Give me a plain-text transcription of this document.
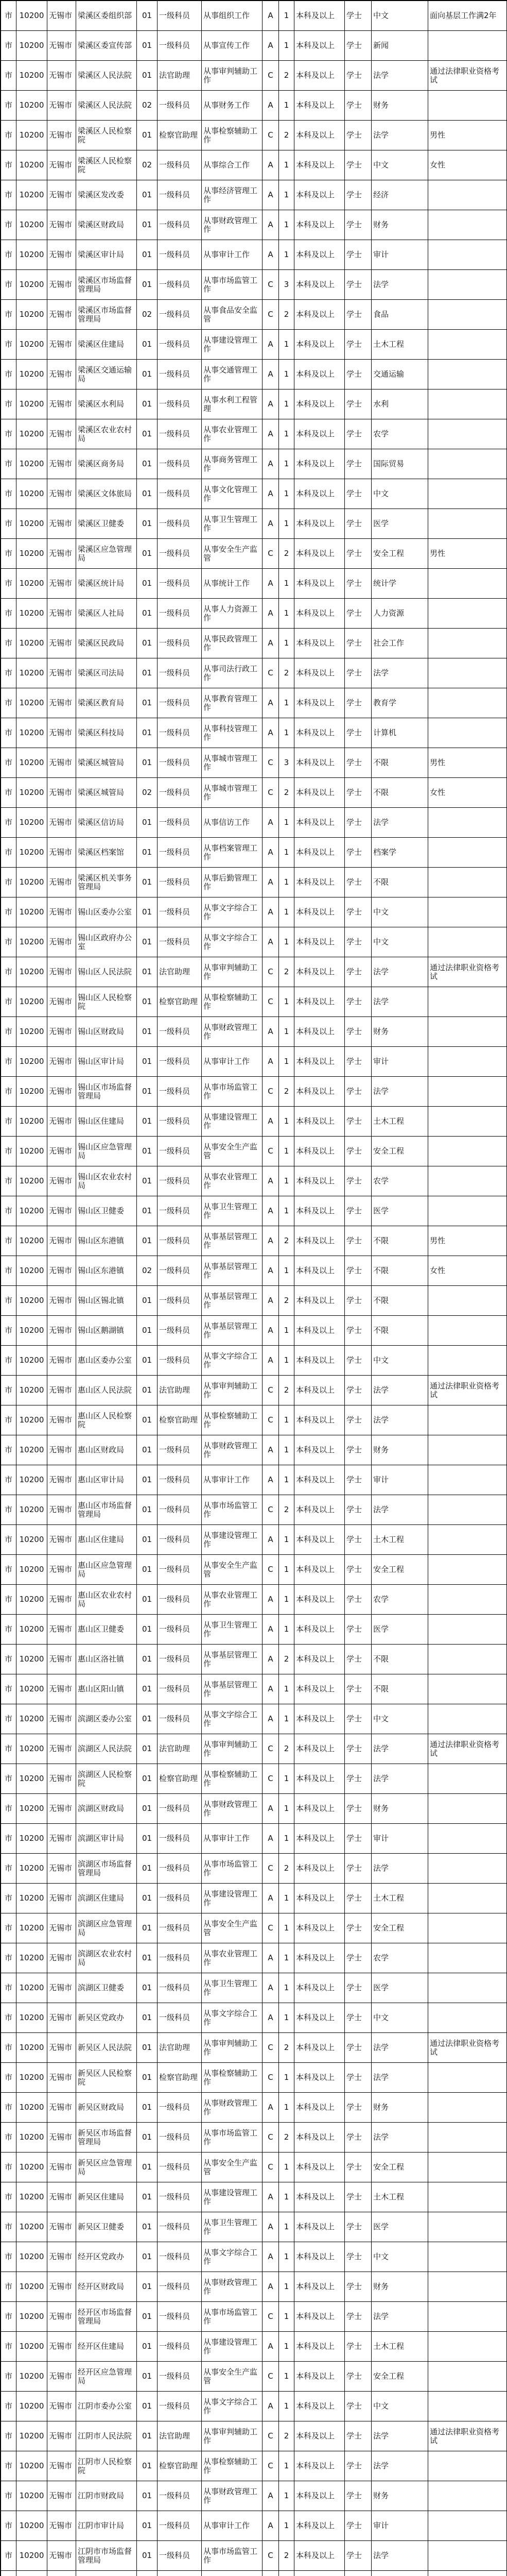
市	10200	无锡市	梁溪区委组织部	01	一级科员	从事组织工作	A	1	本科及以上	学士	中文	面向基层工作满2年
市	10200	无锡市	梁溪区委宣传部	01	一级科员	从事宣传工作	A	1	本科及以上	学士	新闻	
市	10200	无锡市	梁溪区人民法院	01	法官助理	从事审判辅助工作	C	2	本科及以上	学士	法学	通过法律职业资格考试
市	10200	无锡市	梁溪区人民法院	02	一级科员	从事财务工作	A	1	本科及以上	学士	财务	
市	10200	无锡市	梁溪区人民检察院	01	检察官助理	从事检察辅助工作	C	2	本科及以上	学士	法学	男性
市	10200	无锡市	梁溪区人民检察院	02	一级科员	从事综合工作	A	1	本科及以上	学士	中文	女性
市	10200	无锡市	梁溪区发改委	01	一级科员	从事经济管理工作	A	1	本科及以上	学士	经济	
市	10200	无锡市	梁溪区财政局	01	一级科员	从事财政管理工作	A	1	本科及以上	学士	财务	
市	10200	无锡市	梁溪区审计局	01	一级科员	从事审计工作	A	1	本科及以上	学士	审计	
市	10200	无锡市	梁溪区市场监督管理局	01	一级科员	从事市场监管工作	C	3	本科及以上	学士	法学	
市	10200	无锡市	梁溪区市场监督管理局	02	一级科员	从事食品安全监管	C	2	本科及以上	学士	食品	
市	10200	无锡市	梁溪区住建局	01	一级科员	从事建设管理工作	A	1	本科及以上	学士	土木工程	
市	10200	无锡市	梁溪区交通运输局	01	一级科员	从事交通管理工作	A	1	本科及以上	学士	交通运输	
市	10200	无锡市	梁溪区水利局	01	一级科员	从事水利工程管理	A	1	本科及以上	学士	水利	
市	10200	无锡市	梁溪区农业农村局	01	一级科员	从事农业管理工作	A	1	本科及以上	学士	农学	
市	10200	无锡市	梁溪区商务局	01	一级科员	从事商务管理工作	A	1	本科及以上	学士	国际贸易	
市	10200	无锡市	梁溪区文体旅局	01	一级科员	从事文化管理工作	A	1	本科及以上	学士	中文	
市	10200	无锡市	梁溪区卫健委	01	一级科员	从事卫生管理工作	A	1	本科及以上	学士	医学	
市	10200	无锡市	梁溪区应急管理局	01	一级科员	从事安全生产监管	C	2	本科及以上	学士	安全工程	男性
市	10200	无锡市	梁溪区统计局	01	一级科员	从事统计工作	A	1	本科及以上	学士	统计学	
市	10200	无锡市	梁溪区人社局	01	一级科员	从事人力资源工作	A	1	本科及以上	学士	人力资源	
市	10200	无锡市	梁溪区民政局	01	一级科员	从事民政管理工作	A	1	本科及以上	学士	社会工作	
市	10200	无锡市	梁溪区司法局	01	一级科员	从事司法行政工作	C	2	本科及以上	学士	法学	
市	10200	无锡市	梁溪区教育局	01	一级科员	从事教育管理工作	A	1	本科及以上	学士	教育学	
市	10200	无锡市	梁溪区科技局	01	一级科员	从事科技管理工作	A	1	本科及以上	学士	计算机	
市	10200	无锡市	梁溪区城管局	01	一级科员	从事城市管理工作	C	3	本科及以上	学士	不限	男性
市	10200	无锡市	梁溪区城管局	02	一级科员	从事城市管理工作	C	2	本科及以上	学士	不限	女性
市	10200	无锡市	梁溪区信访局	01	一级科员	从事信访工作	A	1	本科及以上	学士	法学	
市	10200	无锡市	梁溪区档案馆	01	一级科员	从事档案管理工作	A	1	本科及以上	学士	档案学	
市	10200	无锡市	梁溪区机关事务管理局	01	一级科员	从事后勤管理工作	A	1	本科及以上	学士	不限	
市	10200	无锡市	锡山区委办公室	01	一级科员	从事文字综合工作	A	1	本科及以上	学士	中文	
市	10200	无锡市	锡山区政府办公室	01	一级科员	从事文字综合工作	A	1	本科及以上	学士	中文	
市	10200	无锡市	锡山区人民法院	01	法官助理	从事审判辅助工作	C	2	本科及以上	学士	法学	通过法律职业资格考试
市	10200	无锡市	锡山区人民检察院	01	检察官助理	从事检察辅助工作	C	1	本科及以上	学士	法学	
市	10200	无锡市	锡山区财政局	01	一级科员	从事财政管理工作	A	1	本科及以上	学士	财务	
市	10200	无锡市	锡山区审计局	01	一级科员	从事审计工作	A	1	本科及以上	学士	审计	
市	10200	无锡市	锡山区市场监督管理局	01	一级科员	从事市场监管工作	C	2	本科及以上	学士	法学	
市	10200	无锡市	锡山区住建局	01	一级科员	从事建设管理工作	A	1	本科及以上	学士	土木工程	
市	10200	无锡市	锡山区应急管理局	01	一级科员	从事安全生产监管	C	1	本科及以上	学士	安全工程	
市	10200	无锡市	锡山区农业农村局	01	一级科员	从事农业管理工作	A	1	本科及以上	学士	农学	
市	10200	无锡市	锡山区卫健委	01	一级科员	从事卫生管理工作	A	1	本科及以上	学士	医学	
市	10200	无锡市	锡山区东港镇	01	一级科员	从事基层管理工作	A	2	本科及以上	学士	不限	男性
市	10200	无锡市	锡山区东港镇	02	一级科员	从事基层管理工作	A	1	本科及以上	学士	不限	女性
市	10200	无锡市	锡山区锡北镇	01	一级科员	从事基层管理工作	A	2	本科及以上	学士	不限	
市	10200	无锡市	锡山区鹅湖镇	01	一级科员	从事基层管理工作	A	1	本科及以上	学士	不限	
市	10200	无锡市	惠山区委办公室	01	一级科员	从事文字综合工作	A	1	本科及以上	学士	中文	
市	10200	无锡市	惠山区人民法院	01	法官助理	从事审判辅助工作	C	2	本科及以上	学士	法学	通过法律职业资格考试
市	10200	无锡市	惠山区人民检察院	01	检察官助理	从事检察辅助工作	C	1	本科及以上	学士	法学	
市	10200	无锡市	惠山区财政局	01	一级科员	从事财政管理工作	A	1	本科及以上	学士	财务	
市	10200	无锡市	惠山区审计局	01	一级科员	从事审计工作	A	1	本科及以上	学士	审计	
市	10200	无锡市	惠山区市场监督管理局	01	一级科员	从事市场监管工作	C	2	本科及以上	学士	法学	
市	10200	无锡市	惠山区住建局	01	一级科员	从事建设管理工作	A	1	本科及以上	学士	土木工程	
市	10200	无锡市	惠山区应急管理局	01	一级科员	从事安全生产监管	C	1	本科及以上	学士	安全工程	
市	10200	无锡市	惠山区农业农村局	01	一级科员	从事农业管理工作	A	1	本科及以上	学士	农学	
市	10200	无锡市	惠山区卫健委	01	一级科员	从事卫生管理工作	A	1	本科及以上	学士	医学	
市	10200	无锡市	惠山区洛社镇	01	一级科员	从事基层管理工作	A	2	本科及以上	学士	不限	
市	10200	无锡市	惠山区阳山镇	01	一级科员	从事基层管理工作	A	1	本科及以上	学士	不限	
市	10200	无锡市	滨湖区委办公室	01	一级科员	从事文字综合工作	A	1	本科及以上	学士	中文	
市	10200	无锡市	滨湖区人民法院	01	法官助理	从事审判辅助工作	C	2	本科及以上	学士	法学	通过法律职业资格考试
市	10200	无锡市	滨湖区人民检察院	01	检察官助理	从事检察辅助工作	C	1	本科及以上	学士	法学	
市	10200	无锡市	滨湖区财政局	01	一级科员	从事财政管理工作	A	1	本科及以上	学士	财务	
市	10200	无锡市	滨湖区审计局	01	一级科员	从事审计工作	A	1	本科及以上	学士	审计	
市	10200	无锡市	滨湖区市场监督管理局	01	一级科员	从事市场监管工作	C	2	本科及以上	学士	法学	
市	10200	无锡市	滨湖区住建局	01	一级科员	从事建设管理工作	A	1	本科及以上	学士	土木工程	
市	10200	无锡市	滨湖区应急管理局	01	一级科员	从事安全生产监管	C	1	本科及以上	学士	安全工程	
市	10200	无锡市	滨湖区农业农村局	01	一级科员	从事农业管理工作	A	1	本科及以上	学士	农学	
市	10200	无锡市	滨湖区卫健委	01	一级科员	从事卫生管理工作	A	1	本科及以上	学士	医学	
市	10200	无锡市	新吴区党政办	01	一级科员	从事文字综合工作	A	1	本科及以上	学士	中文	
市	10200	无锡市	新吴区人民法院	01	法官助理	从事审判辅助工作	C	2	本科及以上	学士	法学	通过法律职业资格考试
市	10200	无锡市	新吴区人民检察院	01	检察官助理	从事检察辅助工作	C	1	本科及以上	学士	法学	
市	10200	无锡市	新吴区财政局	01	一级科员	从事财政管理工作	A	1	本科及以上	学士	财务	
市	10200	无锡市	新吴区市场监督管理局	01	一级科员	从事市场监管工作	C	2	本科及以上	学士	法学	
市	10200	无锡市	新吴区应急管理局	01	一级科员	从事安全生产监管	C	1	本科及以上	学士	安全工程	
市	10200	无锡市	新吴区住建局	01	一级科员	从事建设管理工作	A	1	本科及以上	学士	土木工程	
市	10200	无锡市	新吴区卫健委	01	一级科员	从事卫生管理工作	A	1	本科及以上	学士	医学	
市	10200	无锡市	经开区党政办	01	一级科员	从事文字综合工作	A	1	本科及以上	学士	中文	
市	10200	无锡市	经开区财政局	01	一级科员	从事财政管理工作	A	1	本科及以上	学士	财务	
市	10200	无锡市	经开区市场监督管理局	01	一级科员	从事市场监管工作	C	1	本科及以上	学士	法学	
市	10200	无锡市	经开区住建局	01	一级科员	从事建设管理工作	A	1	本科及以上	学士	土木工程	
市	10200	无锡市	经开区应急管理局	01	一级科员	从事安全生产监管	C	1	本科及以上	学士	安全工程	
市	10200	无锡市	江阴市委办公室	01	一级科员	从事文字综合工作	A	1	本科及以上	学士	中文	
市	10200	无锡市	江阴市人民法院	01	法官助理	从事审判辅助工作	C	2	本科及以上	学士	法学	通过法律职业资格考试
市	10200	无锡市	江阴市人民检察院	01	检察官助理	从事检察辅助工作	C	1	本科及以上	学士	法学	
市	10200	无锡市	江阴市财政局	01	一级科员	从事财政管理工作	A	1	本科及以上	学士	财务	
市	10200	无锡市	江阴市审计局	01	一级科员	从事审计工作	A	1	本科及以上	学士	审计	
市	10200	无锡市	江阴市市场监督管理局	01	一级科员	从事市场监管工作	C	2	本科及以上	学士	法学	
